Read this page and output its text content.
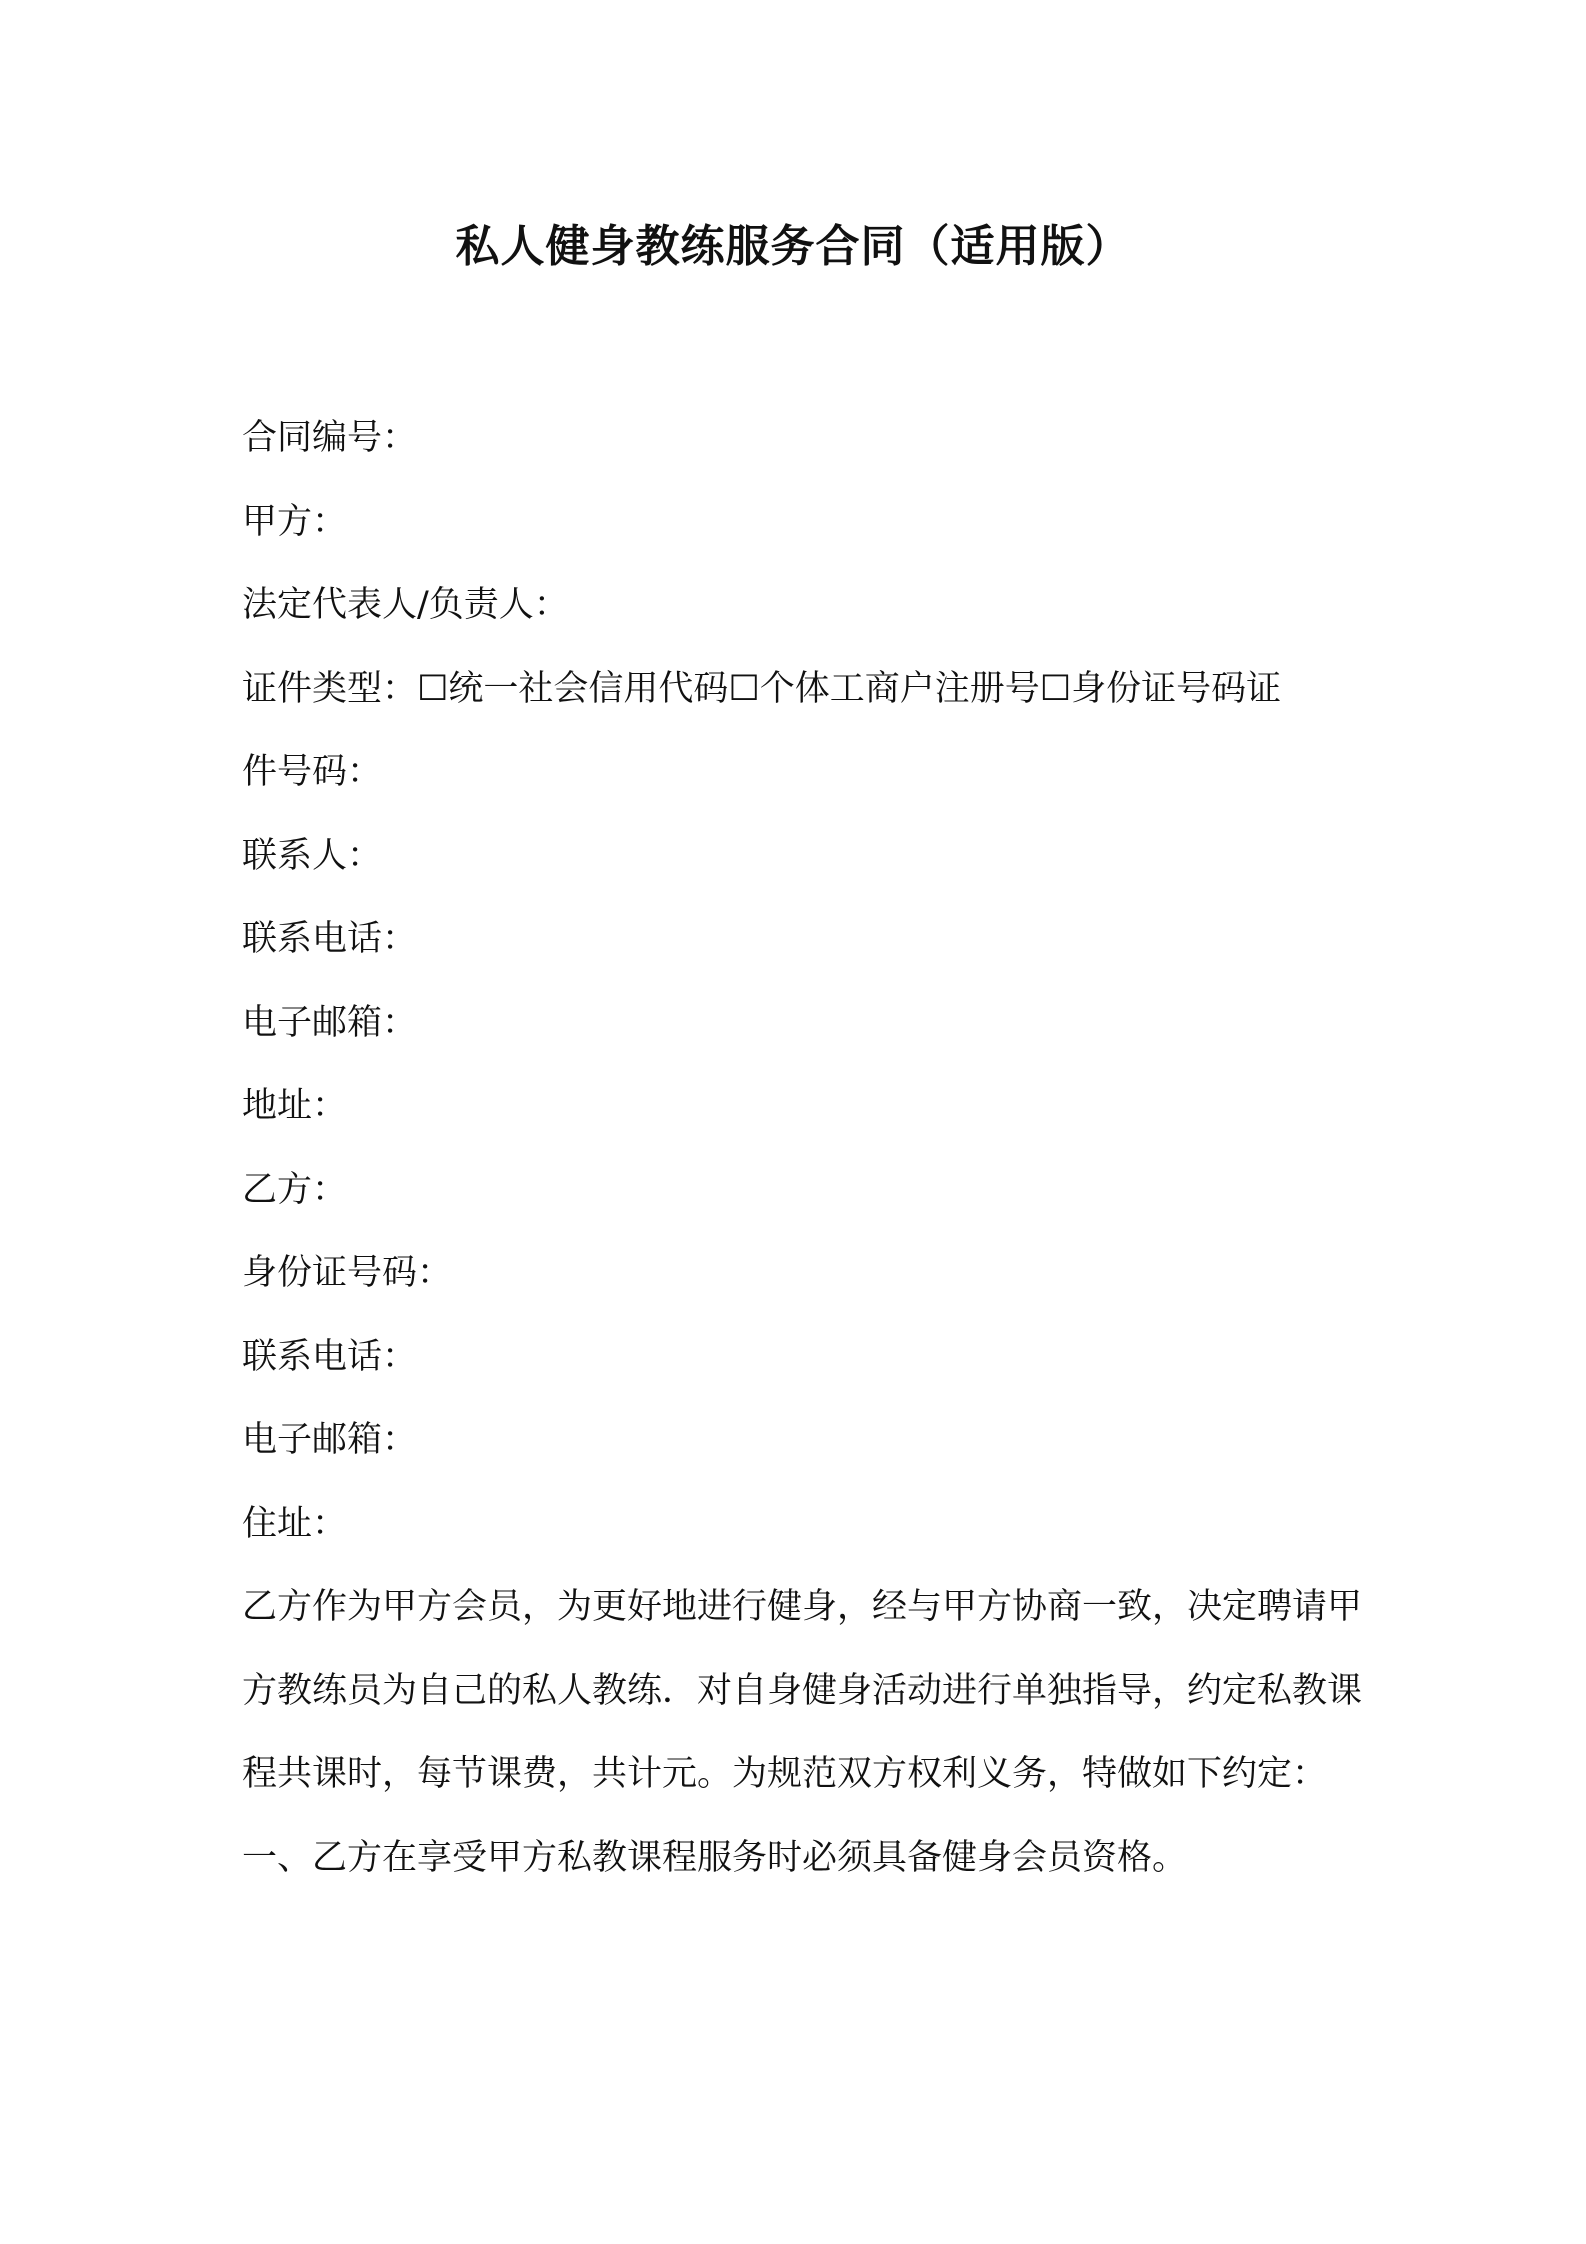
私人健身教练服务合同（适用版）
合同编号：
甲方：
法定代表人/负责人：
证件类型：☐统一社会信用代码☐个体工商户注册号☐身份证号码证
件号码：
联系人：
联系电话：
电子邮箱：
地址：
乙方：
身份证号码：
联系电话：
电子邮箱：
住址：
乙方作为甲方会员，为更好地进行健身，经与甲方协商一致，决定聘请甲方教练员为自己的私人教练．对自身健身活动进行单独指导，约定私教课程共课时，每节课费，共计元。为规范双方权利义务，特做如下约定：
一、乙方在享受甲方私教课程服务时必须具备健身会员资格。
